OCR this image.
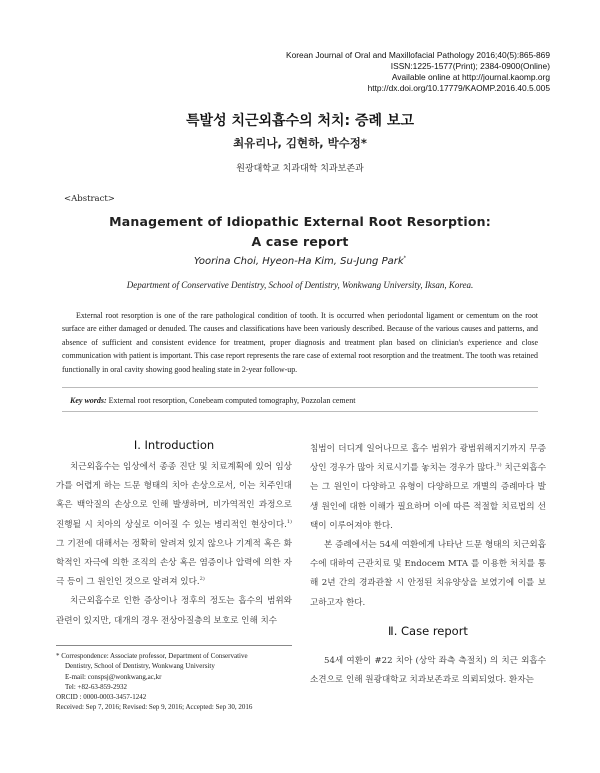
Korean Journal of Oral and Maxillofacial Pathology 2016;40(5):865-869
ISSN:1225-1577(Print); 2384-0900(Online)
Available online at http://journal.kaomp.org
http://dx.doi.org/10.17779/KAOMP.2016.40.5.005
특발성 치근외흡수의 처치: 증례 보고
최유리나, 김현하, 박수정*
원광대학교 치과대학 치과보존과
<Abstract>
Management of Idiopathic External Root Resorption:
A case report
Yoorina Choi, Hyeon-Ha Kim, Su-Jung Park*
Department of Conservative Dentistry, School of Dentistry, Wonkwang University, Iksan, Korea.

External root resorption is one of the rare pathological condition of tooth. It is occurred when periodontal ligament or cementum on the root surface are either damaged or denuded. The causes and classifications have been variously described. Because of the various causes and patterns, and absence of sufficient and consistent evidence for treatment, proper diagnosis and treatment plan based on clinician's experience and close communication with patient is important. This case report represents the rare case of external root resorption and the treatment. The tooth was retained functionally in oral cavity showing good healing state in 2-year follow-up.

Key words: External root resorption, Conebeam computed tomography, Pozzolan cement
Ⅰ. Introduction

치근외흡수는 임상에서 종종 진단 및 치료계획에 있어 임상가를 어렵게 하는 드문 형태의 치아 손상으로서, 이는 치주인대 혹은 백악질의 손상으로 인해 발생하며, 비가역적인 과정으로 진행될 시 치아의 상실로 이어질 수 있는 병리적인 현상이다.$^{1)}$ 그 기전에 대해서는 정확히 알려져 있지 않으나 기계적 혹은 화학적인 자극에 의한 조직의 손상 혹은 염증이나 압력에 의한 자극 등이 그 원인인 것으로 알려져 있다.$^{2)}$

치근외흡수로 인한 증상이나 정후의 정도는 흡수의 범위와 관련이 있지만, 대개의 경우 전상아질층의 보호로 인해 치수

침범이 더디게 일어나므로 흡수 범위가 광범위해지기까지 무증상인 경우가 많아 치료시기를 놓치는 경우가 많다.$^{3)}$ 치근외흡수는 그 원인이 다양하고 유형이 다양하므로 개별의 증례마다 발생 원인에 대한 이해가 필요하며 이에 따른 적절할 치료법의 선택이 이루어져야 한다.

본 증례에서는 54세 여환에게 나타난 드문 형태의 치근외흡수에 대하여 근관치료 및 Endocem MTA 를 이용한 처치를 통해 2년 간의 경과관찰 시 안정된 치유양상을 보였기에 이를 보고하고자 한다.

Ⅱ. Case report

54세 여환이 #22 치아 (상악 좌측 측절치) 의 치근 외흡수 소견으로 인해 원광대학교 치과보존과로 의뢰되었다. 환자는

* Correspondence: Associate professor, Department of Conservative
Dentistry, School of Dentistry, Wonkwang University
E-mail: conspsj@wonkwang,ac,kr
Tel: +82-63-859-2932
ORCID : 0000-0003-3457-1242
Received: Sep 7, 2016; Revised: Sep 9, 2016; Accepted: Sep 30, 2016
